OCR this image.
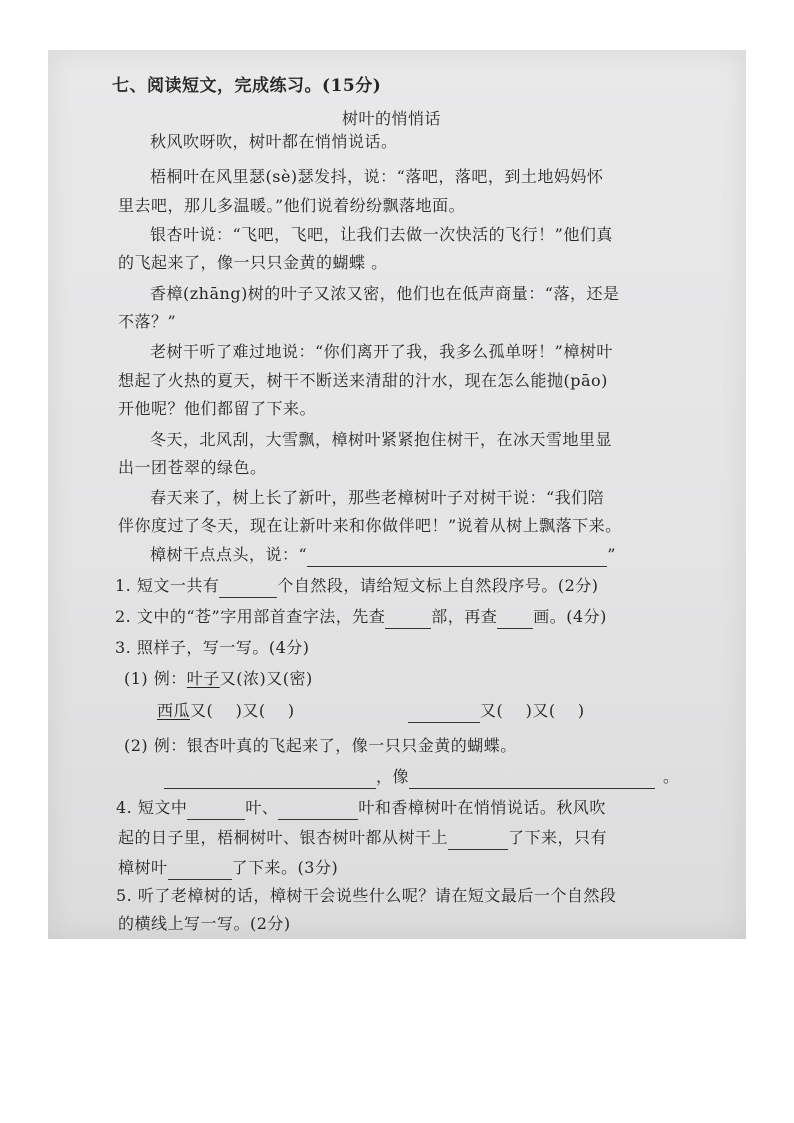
七、阅读短文，完成练习。(15分)
树叶的悄悄话
秋风吹呀吹，树叶都在悄悄说话。
梧桐叶在风里瑟(sè)瑟发抖，说：“落吧，落吧，到土地妈妈怀
里去吧，那儿多温暖。”他们说着纷纷飘落地面。
银杏叶说：“飞吧，飞吧，让我们去做一次快活的飞行！”他们真
的飞起来了，像一只只金黄的蝴蝶 。
香樟(zhāng)树的叶子又浓又密，他们也在低声商量：“落，还是
不落？”
老树干听了难过地说：“你们离开了我，我多么孤单呀！”樟树叶
想起了火热的夏天，树干不断送来清甜的汁水，现在怎么能抛(pāo)
开他呢？他们都留了下来。
冬天，北风刮，大雪飘，樟树叶紧紧抱住树干，在冰天雪地里显
出一团苍翠的绿色。
春天来了，树上长了新叶，那些老樟树叶子对树干说：“我们陪
伴你度过了冬天，现在让新叶来和你做伴吧！”说着从树上飘落下来。
樟树干点点头，说：“	”
1. 短文一共有	个自然段，请给短文标上自然段序号。(2分)
2. 文中的“苍”字用部首查字法，先查	部，再查 画。(4分)
3. 照样子，写一写。(4分)
(1) 例：叶子又(浓)又(密)
西瓜又(    )又(    )	又(    )又(    )
(2) 例：银杏叶真的飞起来了，像一只只金黄的蝴蝶。
，像	。
4. 短文中	叶、	叶和香樟树叶在悄悄说话。秋风吹
起的日子里，梧桐树叶、银杏树叶都从树干上	了下来，只有
樟树叶	了下来。(3分)
5. 听了老樟树的话，樟树干会说些什么呢？请在短文最后一个自然段
的横线上写一写。(2分)
